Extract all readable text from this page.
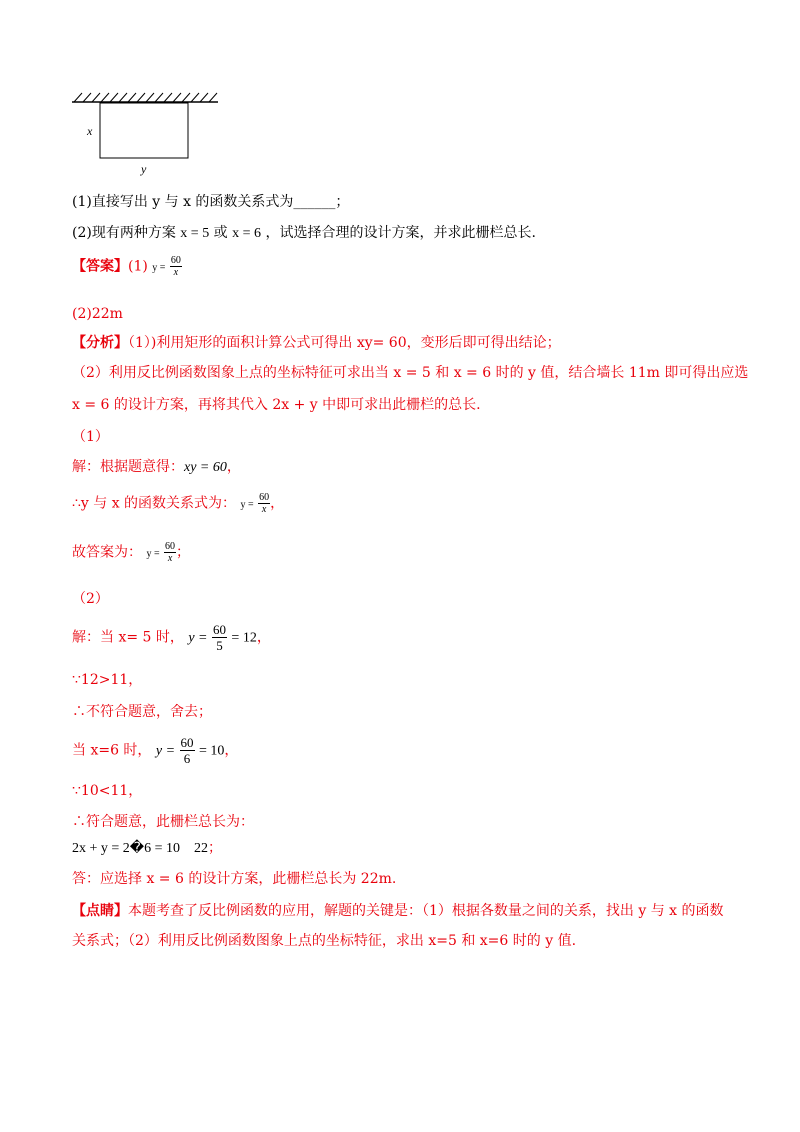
x
y
(1)直接写出 y 与 x 的函数关系式为______；
(2)现有两种方案 x = 5 或 x = 6 ，试选择合理的设计方案，并求此栅栏总长.
【答案】(1) $y = \frac{60}{x}$
(2)22m
【分析】（1）)利用矩形的面积计算公式可得出 xy= 60，变形后即可得出结论；
（2）利用反比例函数图象上点的坐标特征可求出当 x = 5 和 x = 6 时的 y 值，结合墙长 11m 即可得出应选
x = 6 的设计方案，再将其代入 2x + y 中即可求出此栅栏的总长.
（1）
解：根据题意得：xy = 60，
∴y 与 x 的函数关系式为： $y = \frac{60}{x}$ ，
故答案为： $y = \frac{60}{x}$ ；
（2）
解：当 x= 5 时， $y = \frac{60}{5} = 12$，
∵12>11，
∴不符合题意，舍去；
当 x=6 时， $y = \frac{60}{6} = 10$，
∵10<11，
∴符合题意，此栅栏总长为：
2x + y = 2�6 = 10    22；
答：应选择 x = 6 的设计方案，此栅栏总长为 22m.
【点睛】本题考查了反比例函数的应用，解题的关键是：（1）根据各数量之间的关系，找出 y 与 x 的函数
关系式；（2）利用反比例函数图象上点的坐标特征，求出 x=5 和 x=6 时的 y 值.
